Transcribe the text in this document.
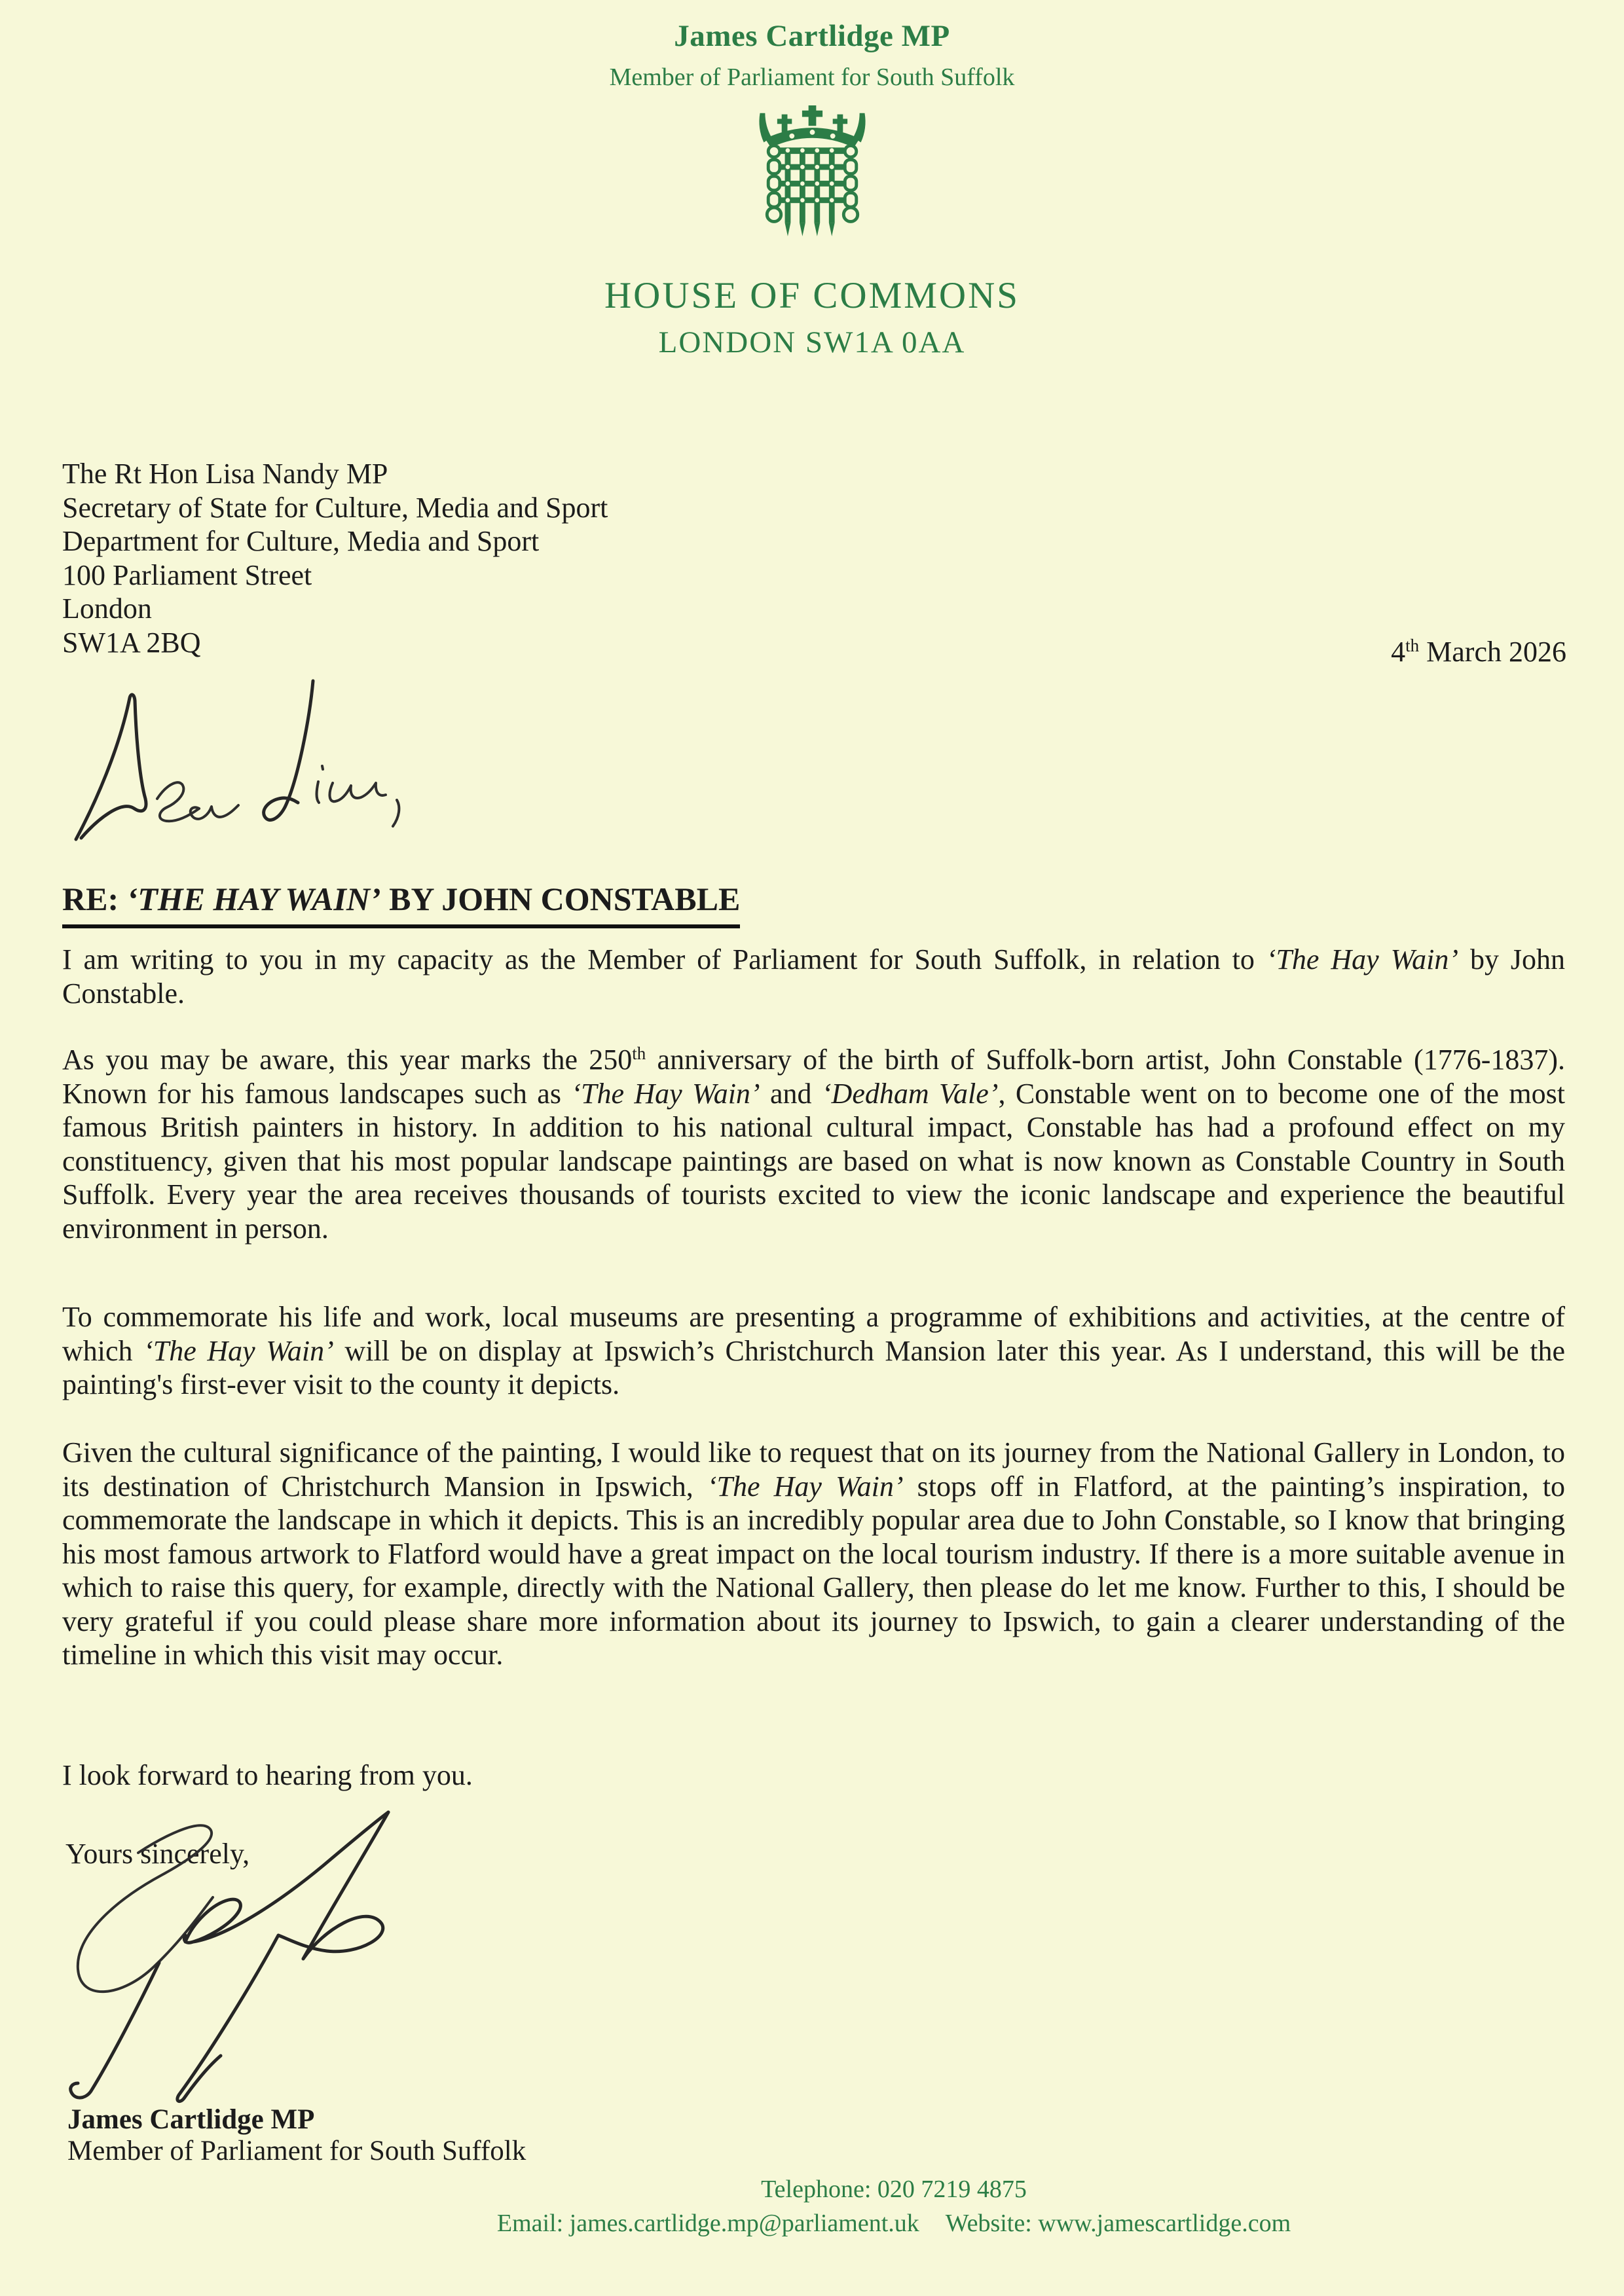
James Cartlidge MP
Member of Parliament for South Suffolk
HOUSE OF COMMONS
LONDON SW1A 0AA
The Rt Hon Lisa Nandy MP
Secretary of State for Culture, Media and Sport
Department for Culture, Media and Sport
100 Parliament Street
London
SW1A 2BQ	4th March 2026
RE: ‘THE HAY WAIN’ BY JOHN CONSTABLE
I am writing to you in my capacity as the Member of Parliament for South Suffolk, in relation to ‘The Hay Wain’ by John Constable.
As you may be aware, this year marks the 250th anniversary of the birth of Suffolk-born artist, John Constable (1776-1837). Known for his famous landscapes such as ‘The Hay Wain’ and ‘Dedham Vale’, Constable went on to become one of the most famous British painters in history. In addition to his national cultural impact, Constable has had a profound effect on my constituency, given that his most popular landscape paintings are based on what is now known as Constable Country in South Suffolk. Every year the area receives thousands of tourists excited to view the iconic landscape and experience the beautiful environment in person.
To commemorate his life and work, local museums are presenting a programme of exhibitions and activities, at the centre of which ‘The Hay Wain’ will be on display at Ipswich’s Christchurch Mansion later this year. As I understand, this will be the painting's first-ever visit to the county it depicts.
Given the cultural significance of the painting, I would like to request that on its journey from the National Gallery in London, to its destination of Christchurch Mansion in Ipswich, ‘The Hay Wain’ stops off in Flatford, at the painting’s inspiration, to commemorate the landscape in which it depicts. This is an incredibly popular area due to John Constable, so I know that bringing his most famous artwork to Flatford would have a great impact on the local tourism industry. If there is a more suitable avenue in which to raise this query, for example, directly with the National Gallery, then please do let me know. Further to this, I should be very grateful if you could please share more information about its journey to Ipswich, to gain a clearer understanding of the timeline in which this visit may occur.
I look forward to hearing from you.
Yours sincerely,
James Cartlidge MP
Member of Parliament for South Suffolk
Telephone: 020 7219 4875
Email: james.cartlidge.mp@parliament.uk Website: www.jamescartlidge.com
